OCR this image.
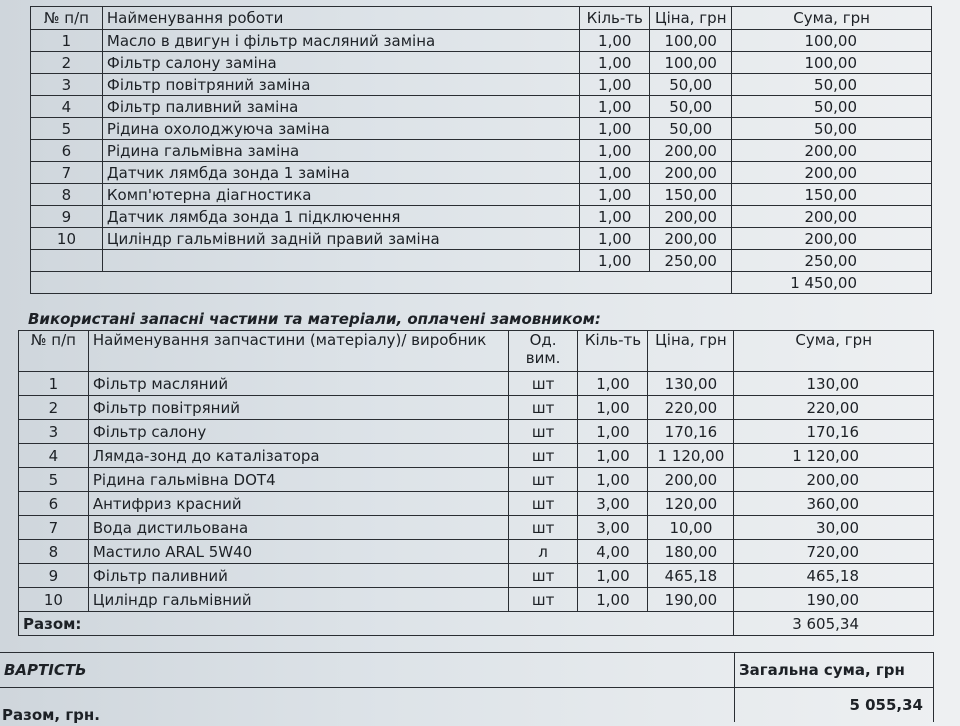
№ п/п	Найменування роботи	Кіль-ть	Ціна, грн	Сума, грн
1	Масло в двигун і фільтр масляний заміна	1,00	100,00	100,00
2	Фільтр салону заміна	1,00	100,00	100,00
3	Фільтр повітряний заміна	1,00	50,00	50,00
4	Фільтр паливний заміна	1,00	50,00	50,00
5	Рідина охолоджуюча заміна	1,00	50,00	50,00
6	Рідина гальмівна заміна	1,00	200,00	200,00
7	Датчик лямбда зонда 1 заміна	1,00	200,00	200,00
8	Комп'ютерна діагностика	1,00	150,00	150,00
9	Датчик лямбда зонда 1 підключення	1,00	200,00	200,00
10	Циліндр гальмівний задній правий заміна	1,00	200,00	200,00
		1,00	250,00	250,00
				1 450,00
Використані запасні частини та матеріали, оплачені замовником:
№ п/п	Найменування запчастини (матеріалу)/ виробник	Од. вим.	Кіль-ть	Ціна, грн	Сума, грн
1	Фільтр масляний	шт	1,00	130,00	130,00
2	Фільтр повітряний	шт	1,00	220,00	220,00
3	Фільтр салону	шт	1,00	170,16	170,16
4	Лямда-зонд до каталізатора	шт	1,00	1 120,00	1 120,00
5	Рідина гальмівна DOT4	шт	1,00	200,00	200,00
6	Антифриз красний	шт	3,00	120,00	360,00
7	Вода дистильована	шт	3,00	10,00	30,00
8	Мастило ARAL 5W40	л	4,00	180,00	720,00
9	Фільтр паливний	шт	1,00	465,18	465,18
10	Циліндр гальмівний	шт	1,00	190,00	190,00
Разом:					3 605,34
ВАРТІСТЬ	Загальна сума, грн
	5 055,34
Разом, грн.
